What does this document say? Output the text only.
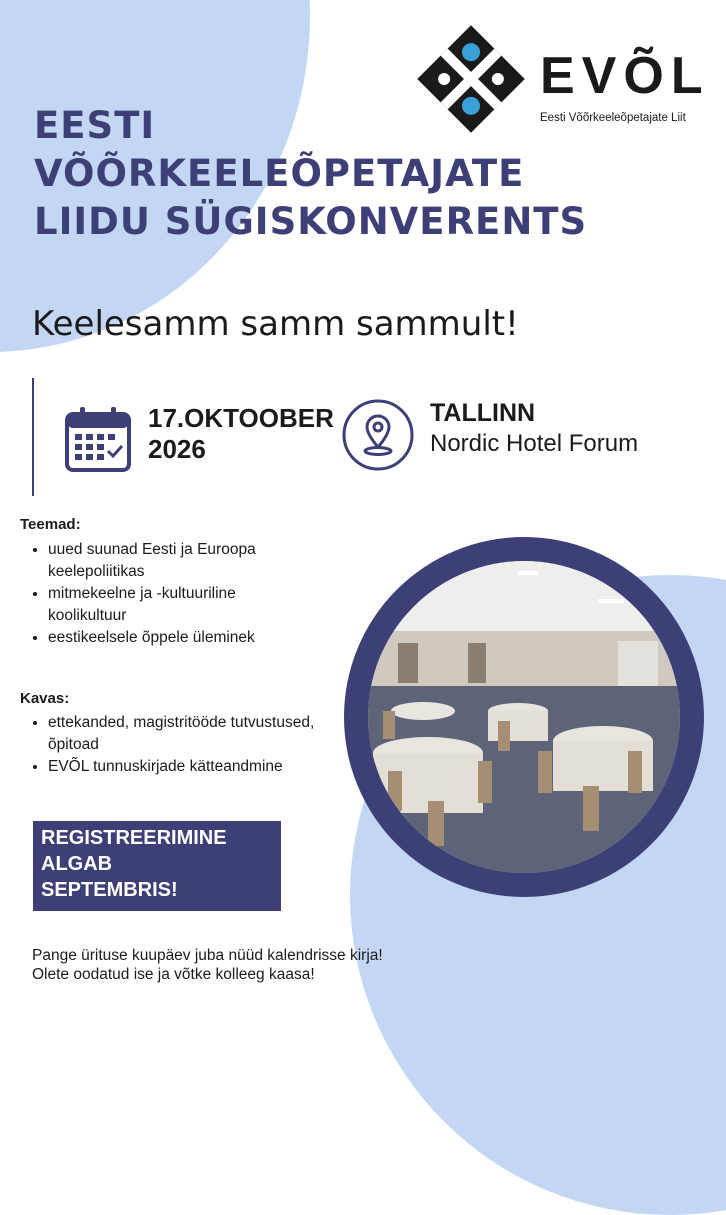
EVÕL
Eesti Võõrkeeleõpetajate Liit
EESTI
VÕÕRKEELEÕPETAJATE
LIIDU SÜGISKONVERENTS
Keelesamm samm sammult!
17.OKTOOBER
2026
TALLINN
Nordic Hotel Forum
Teemad:
• uued suunad Eesti ja Euroopa keelepoliitikas
• mitmekeelne ja -kultuuriline koolikultuur
• eestikeelsele õppele üleminek
Kavas:
• ettekanded, magistritööde tutvustused, õpitoad
• EVÕL tunnuskirjade kätteandmine
REGISTREERIMINE
ALGAB
SEPTEMBRIS!
Pange ürituse kuupäev juba nüüd kalendrisse kirja!
Olete oodatud ise ja võtke kolleeg kaasa!
